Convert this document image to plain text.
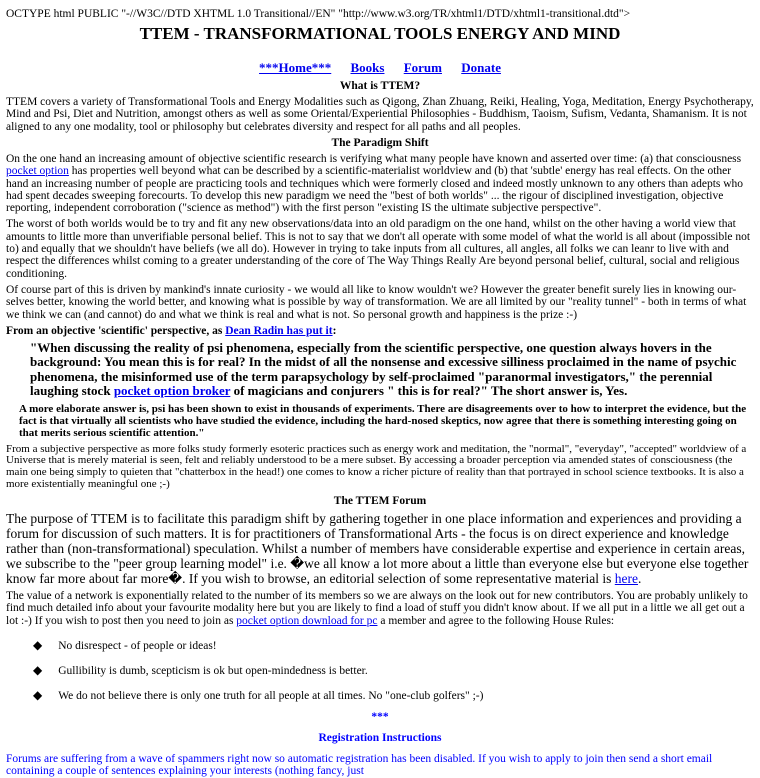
OCTYPE html PUBLIC "-//W3C//DTD XHTML 1.0 Transitional//EN" "http://www.w3.org/TR/xhtml1/DTD/xhtml1-transitional.dtd">
TTEM - TRANSFORMATIONAL TOOLS ENERGY AND MIND
***Home*** Books Forum Donate
What is TTEM?

TTEM covers a variety of Transformational Tools and Energy Modalities such as Qigong, Zhan Zhuang, Reiki, Healing, Yoga, Meditation, Energy Psychotherapy, Mind and Psi, Diet and Nutrition, amongst others as well as some Oriental/Experiential Philosophies - Buddhism, Taoism, Sufism, Vedanta, Shamanism. It is not aligned to any one modality, tool or philosophy but celebrates diversity and respect for all paths and all peoples.

The Paradigm Shift

On the one hand an increasing amount of objective scientific research is verifying what many people have known and asserted over time: (a) that consciousness pocket option has properties well beyond what can be described by a scientific-materialist worldview and (b) that 'subtle' energy has real effects. On the other hand an increasing number of people are practicing tools and techniques which were formerly closed and indeed mostly unknown to any others than adepts who had spent decades sweeping forecourts. To develop this new paradigm we need the "best of both worlds" ... the rigour of disciplined investigation, objective reporting, independent corroboration ("science as method") with the first person "existing IS the ultimate subjective perspective".

The worst of both worlds would be to try and fit any new observations/data into an old paradigm on the one hand, whilst on the other having a world view that amounts to little more than unverifiable personal belief. This is not to say that we don't all operate with some model of what the world is all about (impossible not to) and equally that we shouldn't have beliefs (we all do). However in trying to take inputs from all cultures, all angles, all folks we can leanr to live with and respect the differences whilst coming to a greater understanding of the core of The Way Things Really Are beyond personal belief, cultural, social and religious conditioning.

Of course part of this is driven by mankind's innate curiosity - we would all like to know wouldn't we? However the greater benefit surely lies in knowing our-selves better, knowing the world better, and knowing what is possible by way of transformation. We are all limited by our "reality tunnel" - both in terms of what we think we can (and cannot) do and what we think is real and what is not. So personal growth and happiness is the prize :-)

From an objective 'scientific' perspective, as Dean Radin has put it:

"When discussing the reality of psi phenomena, especially from the scientific perspective, one question always hovers in the background: You mean this is for real? In the midst of all the nonsense and excessive silliness proclaimed in the name of psychic phenomena, the misinformed use of the term parapsychology by self-proclaimed "paranormal investigators," the perennial laughing stock pocket option broker of magicians and conjurers " this is for real?" The short answer is, Yes.
A more elaborate answer is, psi has been shown to exist in thousands of experiments. There are disagreements over to how to interpret the evidence, but the fact is that virtually all scientists who have studied the evidence, including the hard-nosed skeptics, now agree that there is something interesting going on that merits serious scientific attention."

From a subjective perspective as more folks study formerly esoteric practices such as energy work and meditation, the "normal", "everyday", "accepted" worldview of a Universe that is merely material is seen, felt and reliably understood to be a mere subset. By accessing a broader perception via amended states of consciousness (the main one being simply to quieten that "chatterbox in the head!) one comes to know a richer picture of reality than that portrayed in school science textbooks. It is also a more existentially meaningful one ;-)

The TTEM Forum

The purpose of TTEM is to facilitate this paradigm shift by gathering together in one place information and experiences and providing a forum for discussion of such matters. It is for practitioners of Transformational Arts - the focus is on direct experience and knowledge rather than (non-transformational) speculation. Whilst a number of members have considerable expertise and experience in certain areas, we subscribe to the "peer group learning model" i.e. �we all know a lot more about a little than everyone else but everyone else together know far more about far more�. If you wish to browse, an editorial selection of some representative material is here.

The value of a network is exponentially related to the number of its members so we are always on the look out for new contributors. You are probably unlikely to find much detailed info about your favourite modality here but you are likely to find a load of stuff you didn't know about. If we all put in a little we all get out a lot :-) If you wish to post then you need to join as pocket option download for pc a member and agree to the following House Rules:

◆ No disrespect - of people or ideas!
◆ Gullibility is dumb, scepticism is ok but open-mindedness is better.
◆ We do not believe there is only one truth for all people at all times. No "one-club golfers" ;-)
***
Registration Instructions

Forums are suffering from a wave of spammers right now so automatic registration has been disabled. If you wish to apply to join then send a short email containing a couple of sentences explaining your interests (nothing fancy, just
